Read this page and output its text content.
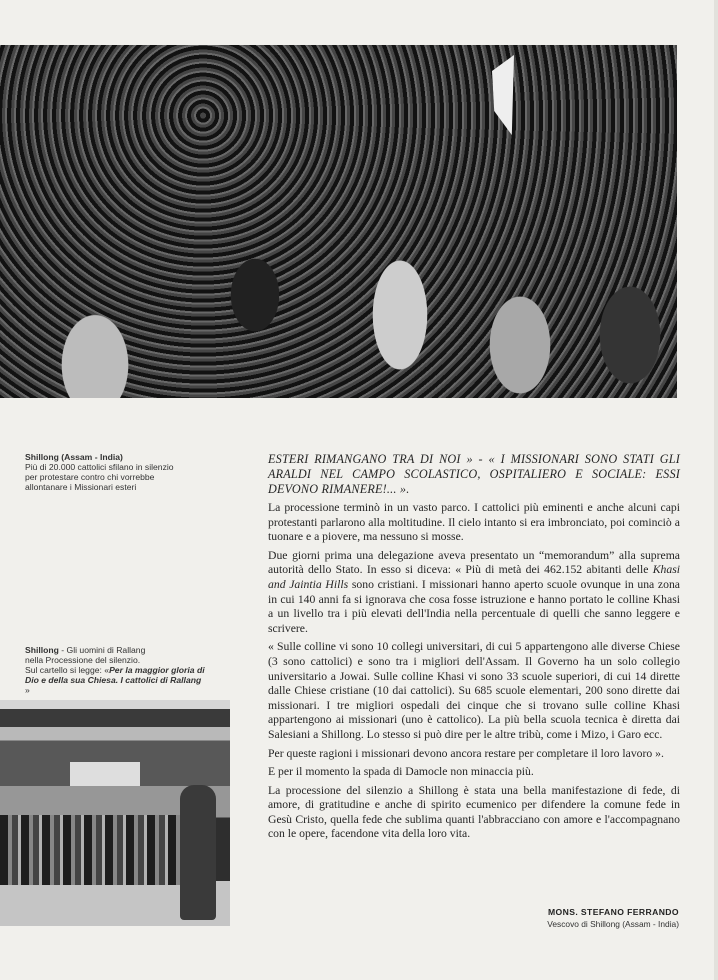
Shillong (Assam - India)
Più di 20.000 cattolici sfilano in silenzio
per protestare contro chi vorrebbe
allontanare i Missionari esteri
Shillong - Gli uomini di Rallang
nella Processione del silenzio.
Sul cartello si legge: «Per la maggior gloria di Dio e della sua Chiesa. I cattolici di Rallang »

ESTERI RIMANGANO TRA DI NOI » - « I MISSIONARI SONO STATI GLI ARALDI NEL CAMPO SCOLASTICO, OSPITALIERO E SOCIALE: ESSI DEVONO RIMANERE!... ».

La processione terminò in un vasto parco. I cattolici più eminenti e anche alcuni capi protestanti parlarono alla moltitudine. Il cielo intanto si era imbronciato, poi cominciò a tuonare e a piovere, ma nessuno si mosse.

Due giorni prima una delegazione aveva presentato un “memorandum” alla suprema autorità dello Stato. In esso si diceva: « Più di metà dei 462.152 abitanti delle Khasi and Jaintia Hills sono cristiani. I missionari hanno aperto scuole ovunque in una zona in cui 140 anni fa si ignorava che cosa fosse istruzione e hanno portato le colline Khasi a un livello tra i più elevati dell'India nella percentuale di quelli che sanno leggere e scrivere.

« Sulle colline vi sono 10 collegi universitari, di cui 5 appartengono alle diverse Chiese (3 sono cattolici) e sono tra i migliori dell'Assam. Il Governo ha un solo collegio universitario a Jowai. Sulle colline Khasi vi sono 33 scuole superiori, di cui 14 dirette dalle Chiese cristiane (10 dai cattolici). Su 685 scuole elementari, 200 sono dirette dai missionari. I tre migliori ospedali dei cinque che si trovano sulle colline Khasi appartengono ai missionari (uno è cattolico). La più bella scuola tecnica è diretta dai Salesiani a Shillong. Lo stesso si può dire per le altre tribù, come i Mizo, i Garo ecc.

Per queste ragioni i missionari devono ancora restare per completare il loro lavoro ».

E per il momento la spada di Damocle non minaccia più.

La processione del silenzio a Shillong è stata una bella manifestazione di fede, di amore, di gratitudine e anche di spirito ecumenico per difendere la comune fede in Gesù Cristo, quella fede che sublima quanti l'abbracciano con amore e l'accompagnano con le opere, facendone vita della loro vita.

MONS. STEFANO FERRANDO
Vescovo di Shillong (Assam - India)
